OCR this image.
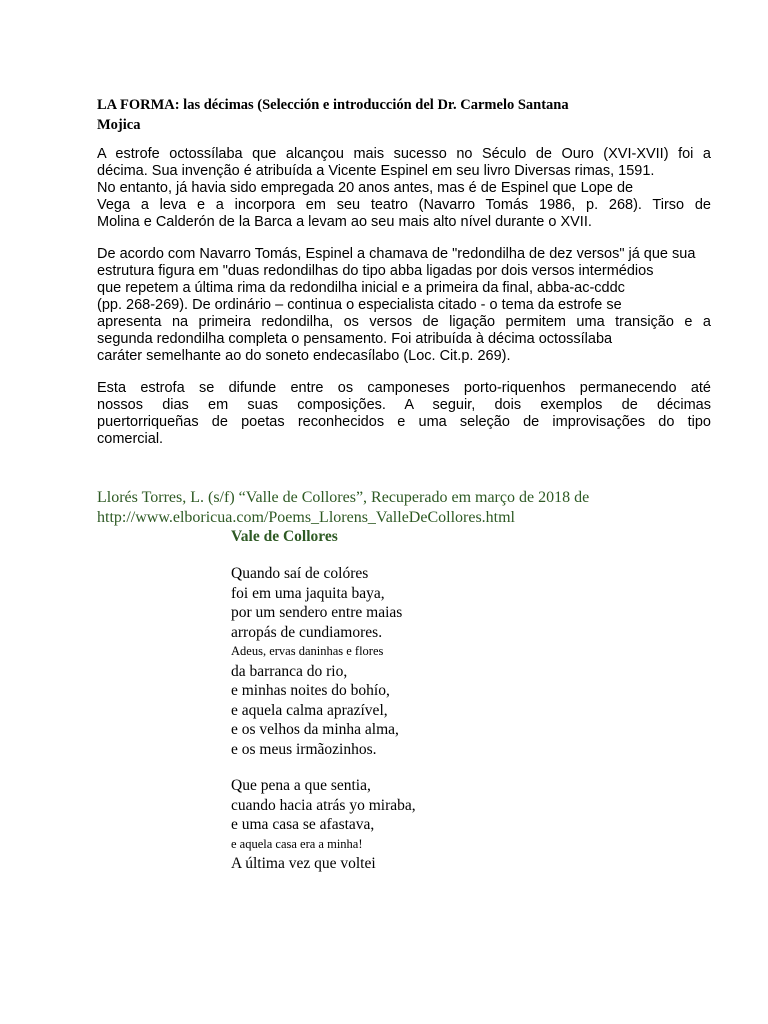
LA FORMA: las décimas (Selección e introducción del Dr. Carmelo Santana
Mojica
A estrofe octossílaba que alcançou mais sucesso no Século de Ouro (XVI-XVII) foi a
décima. Sua invenção é atribuída a Vicente Espinel em seu livro Diversas rimas, 1591.
No entanto, já havia sido empregada 20 anos antes, mas é de Espinel que Lope de
Vega a leva e a incorpora em seu teatro (Navarro Tomás 1986, p. 268). Tirso de
Molina e Calderón de la Barca a levam ao seu mais alto nível durante o XVII.
De acordo com Navarro Tomás, Espinel a chamava de "redondilha de dez versos" já que sua
estrutura figura em "duas redondilhas do tipo abba ligadas por dois versos intermédios
que repetem a última rima da redondilha inicial e a primeira da final, abba-ac-cddc
(pp. 268-269). De ordinário – continua o especialista citado - o tema da estrofe se
apresenta na primeira redondilha, os versos de ligação permitem uma transição e a
segunda redondilha completa o pensamento. Foi atribuída à décima octossílaba
caráter semelhante ao do soneto endecasílabo (Loc. Cit.p. 269).
Esta estrofa se difunde entre os camponeses porto-riquenhos permanecendo até
nossos dias em suas composições. A seguir, dois exemplos de décimas
puertorriqueñas de poetas reconhecidos e uma seleção de improvisações do tipo
comercial.
Llorés Torres, L. (s/f) “Valle de Collores”, Recuperado em março de 2018 de
http://www.elboricua.com/Poems_Llorens_ValleDeCollores.html
Vale de Collores
Quando saí de colóres
foi em uma jaquita baya,
por um sendero entre maias
arropás de cundiamores.
Adeus, ervas daninhas e flores
da barranca do rio,
e minhas noites do bohío,
e aquela calma aprazível,
e os velhos da minha alma,
e os meus irmãozinhos.
Que pena a que sentia,
cuando hacia atrás yo miraba,
e uma casa se afastava,
e aquela casa era a minha!
A última vez que voltei
